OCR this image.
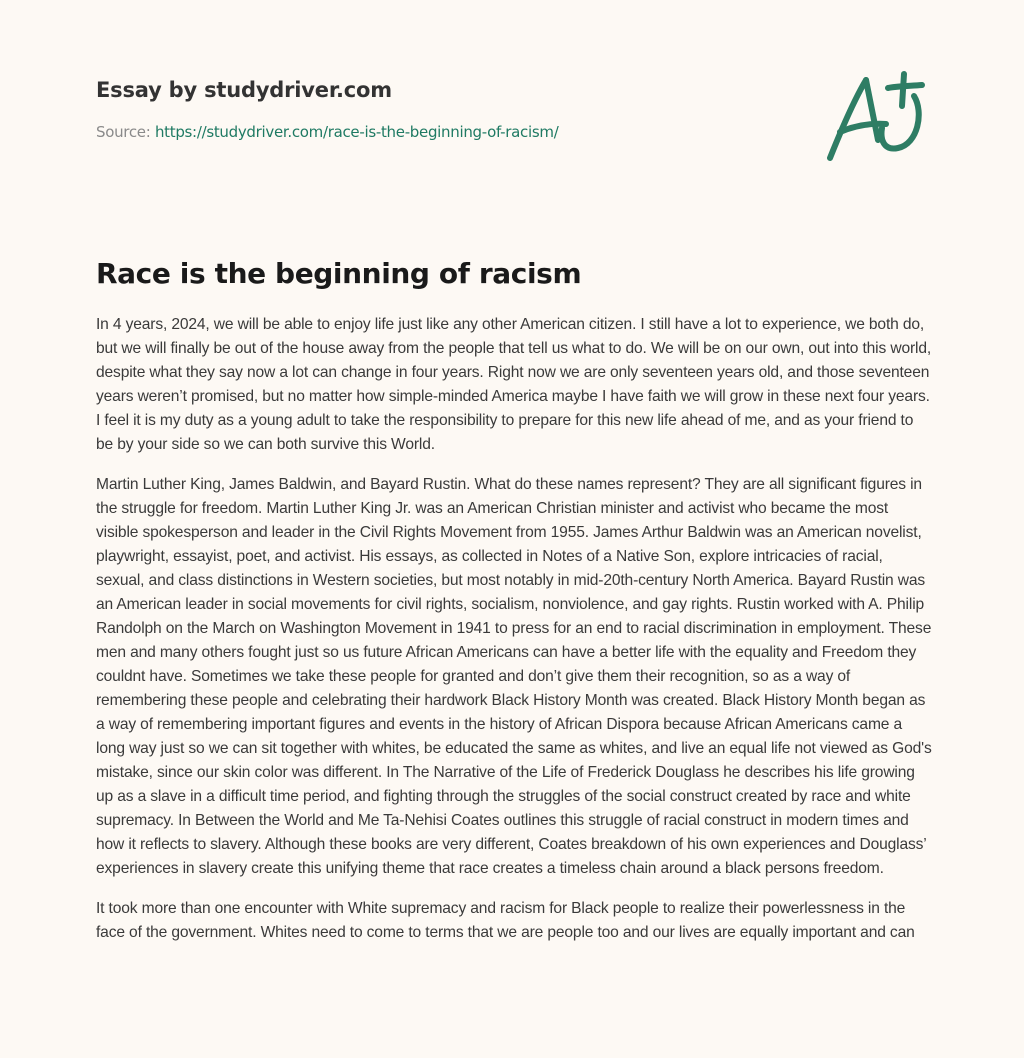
Essay by studydriver.com
Source: https://studydriver.com/race-is-the-beginning-of-racism/
Race is the beginning of racism

In 4 years, 2024, we will be able to enjoy life just like any other American citizen. I still have a lot to experience, we both do, but we will finally be out of the house away from the people that tell us what to do. We will be on our own, out into this world, despite what they say now a lot can change in four years. Right now we are only seventeen years old, and those seventeen years weren’t promised, but no matter how simple-minded America maybe I have faith we will grow in these next four years. I feel it is my duty as a young adult to take the responsibility to prepare for this new life ahead of me, and as your friend to be by your side so we can both survive this World.

Martin Luther King, James Baldwin, and Bayard Rustin. What do these names represent? They are all significant figures in the struggle for freedom. Martin Luther King Jr. was an American Christian minister and activist who became the most visible spokesperson and leader in the Civil Rights Movement from 1955. James Arthur Baldwin was an American novelist, playwright, essayist, poet, and activist. His essays, as collected in Notes of a Native Son, explore intricacies of racial, sexual, and class distinctions in Western societies, but most notably in mid-20th-century North America. Bayard Rustin was an American leader in social movements for civil rights, socialism, nonviolence, and gay rights. Rustin worked with A. Philip Randolph on the March on Washington Movement in 1941 to press for an end to racial discrimination in employment. These men and many others fought just so us future African Americans can have a better life with the equality and Freedom they couldnt have. Sometimes we take these people for granted and don’t give them their recognition, so as a way of remembering these people and celebrating their hardwork Black History Month was created. Black History Month began as a way of remembering important figures and events in the history of African Dispora because African Americans came a long way just so we can sit together with whites, be educated the same as whites, and live an equal life not viewed as God's mistake, since our skin color was different. In The Narrative of the Life of Frederick Douglass he describes his life growing up as a slave in a difficult time period, and fighting through the struggles of the social construct created by race and white supremacy. In Between the World and Me Ta-Nehisi Coates outlines this struggle of racial construct in modern times and how it reflects to slavery. Although these books are very different, Coates breakdown of his own experiences and Douglass’ experiences in slavery create this unifying theme that race creates a timeless chain around a black persons freedom.

It took more than one encounter with White supremacy and racism for Black people to realize their powerlessness in the face of the government. Whites need to come to terms that we are people too and our lives are equally important and can
